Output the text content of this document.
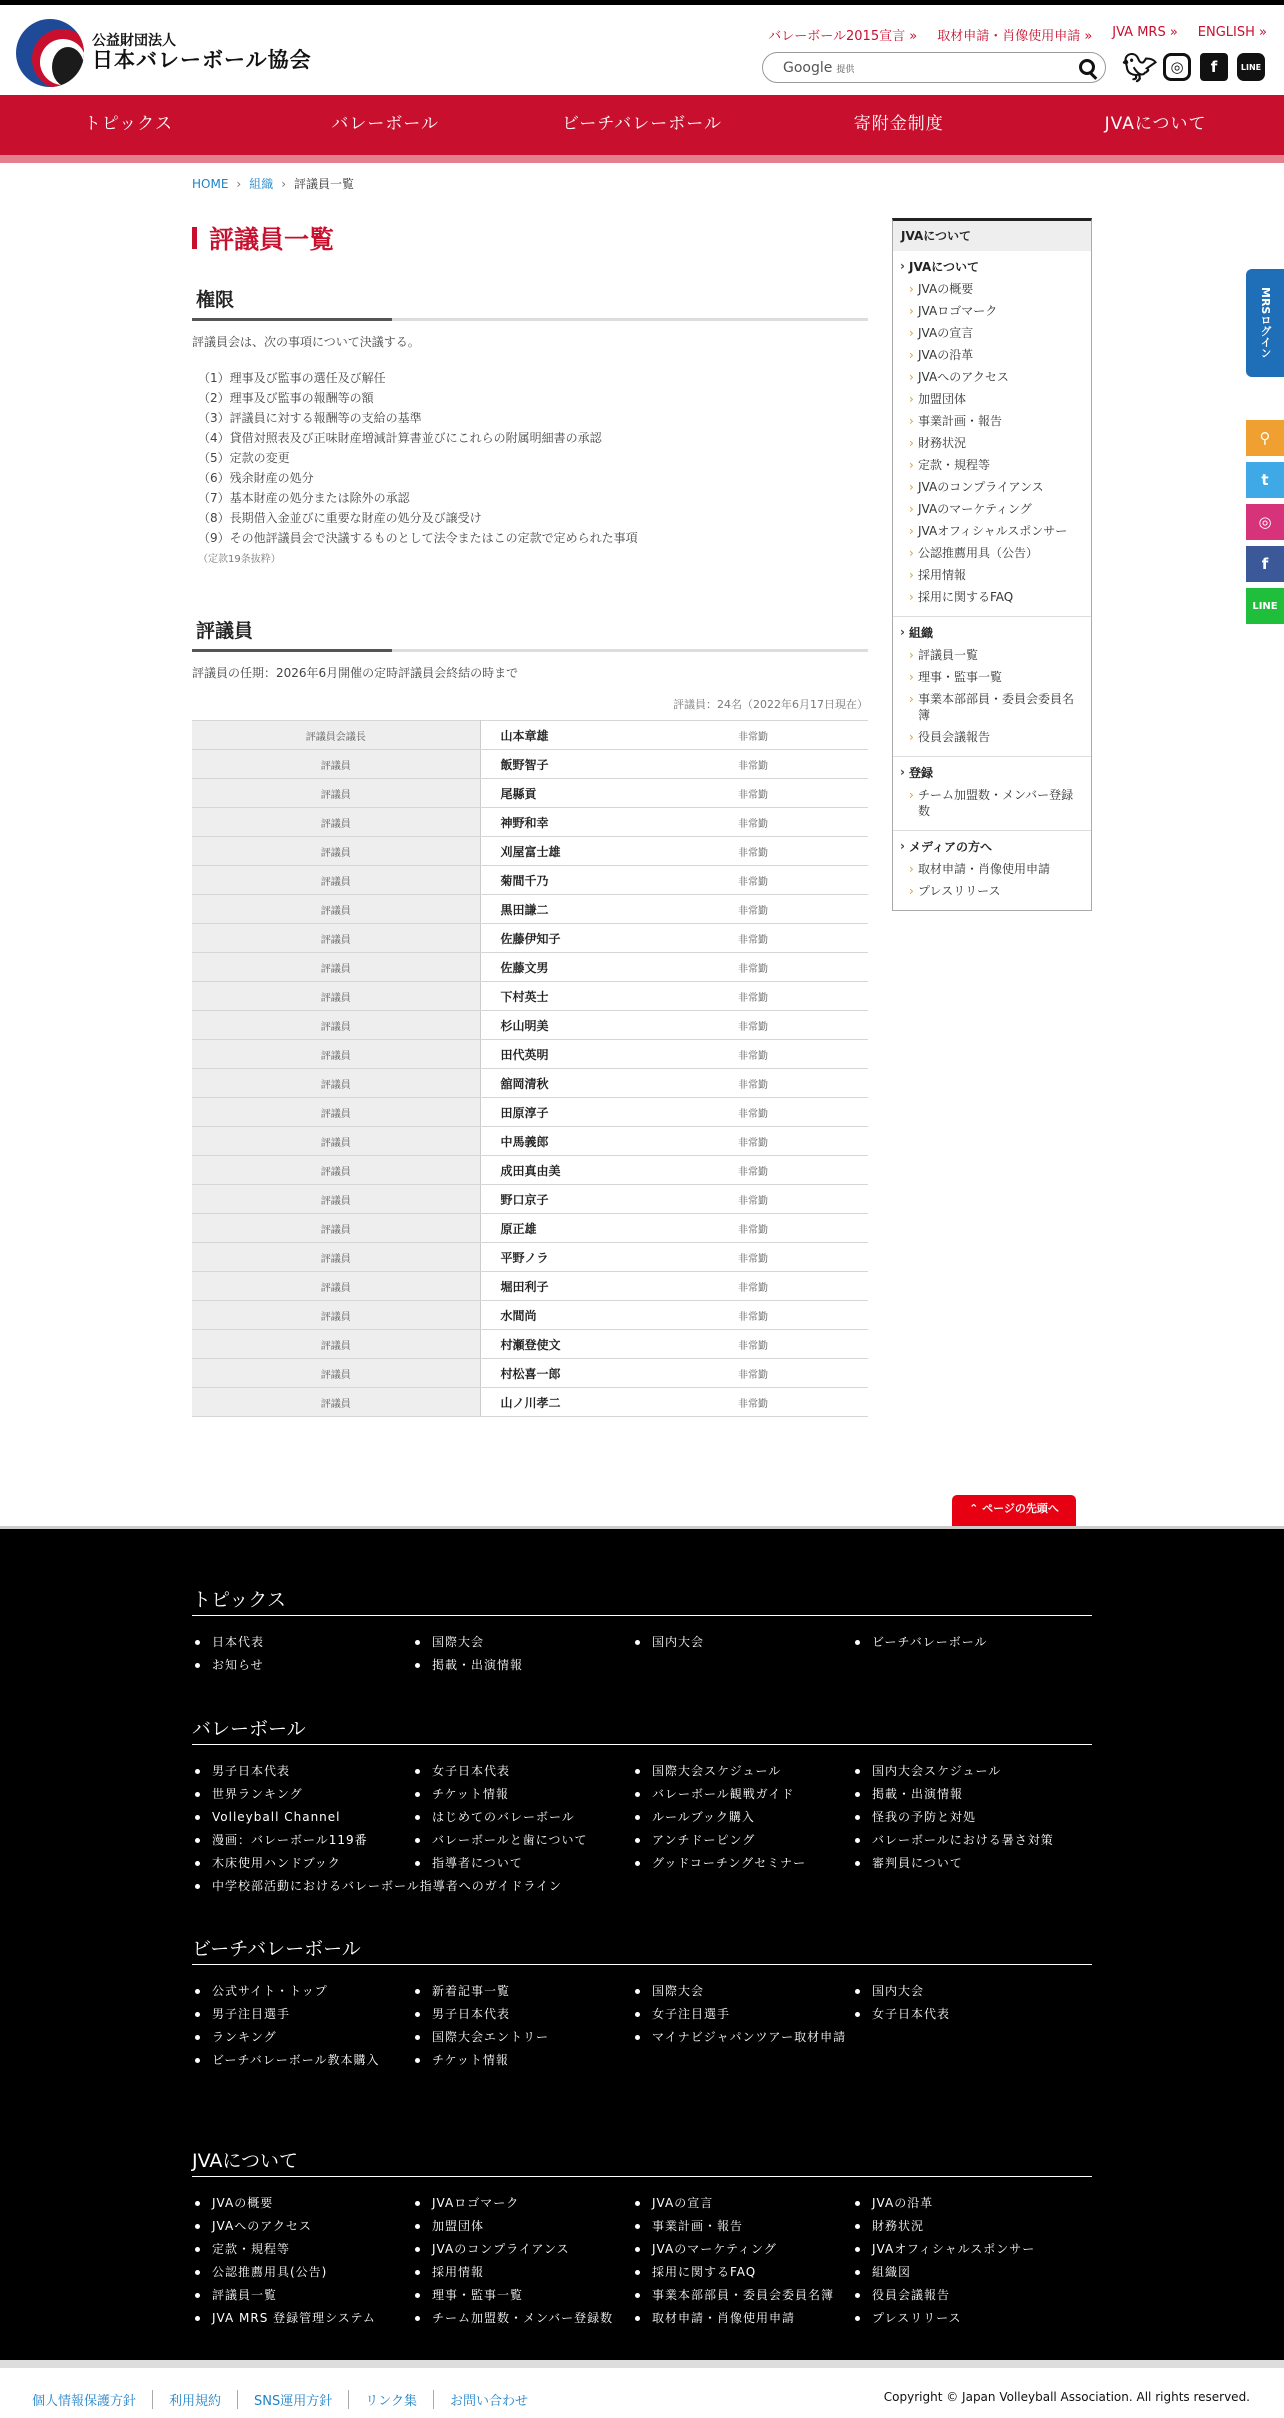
公益財団法人
日本バレーボール協会
バレーボール2015宣言 » 取材申請・肖像使用申請 » JVA MRS » ENGLISH »
Google 提供	🐦︎ ◎	f	LINE
トピックス	バレーボール	ビーチバレーボール	寄附金制度	JVAについて
HOME › 組織 › 評議員一覧
評議員一覧
権限

評議員会は、次の事項について決議する。

（1）理事及び監事の選任及び解任
（2）理事及び監事の報酬等の額
（3）評議員に対する報酬等の支給の基準
（4）貸借対照表及び正味財産増減計算書並びにこれらの附属明細書の承認
（5）定款の変更
（6）残余財産の処分
（7）基本財産の処分または除外の承認
（8）長期借入金並びに重要な財産の処分及び譲受け
（9）その他評議員会で決議するものとして法令またはこの定款で定められた事項

（定款19条抜粋）

評議員

評議員の任期：2026年6月開催の定時評議員会終結の時まで

評議員：24名（2022年6月17日現在）

評議員会議長	山本章雄	非常勤
評議員	飯野智子	非常勤
評議員	尾縣貢	非常勤
評議員	神野和幸	非常勤
評議員	刈屋富士雄	非常勤
評議員	菊間千乃	非常勤
評議員	黒田謙二	非常勤
評議員	佐藤伊知子	非常勤
評議員	佐藤文男	非常勤
評議員	下村英士	非常勤
評議員	杉山明美	非常勤
評議員	田代英明	非常勤
評議員	舘岡清秋	非常勤
評議員	田原淳子	非常勤
評議員	中馬義郎	非常勤
評議員	成田真由美	非常勤
評議員	野口京子	非常勤
評議員	原正雄	非常勤
評議員	平野ノラ	非常勤
評議員	堀田利子	非常勤
評議員	水間尚	非常勤
評議員	村瀬登使文	非常勤
評議員	村松喜一郎	非常勤
評議員	山ノ川孝二	非常勤
JVAについて
› JVAについて
› JVAの概要
› JVAロゴマーク
› JVAの宣言
› JVAの沿革
› JVAへのアクセス
› 加盟団体
› 事業計画・報告
› 財務状況
› 定款・規程等
› JVAのコンプライアンス
› JVAのマーケティング
› JVAオフィシャルスポンサー
› 公認推薦用具（公告）
› 採用情報
› 採用に関するFAQ
› 組織
› 評議員一覧
› 理事・監事一覧
› 事業本部部員・委員会委員名簿
› 役員会議報告
› 登録
› チーム加盟数・メンバー登録数
› メディアの方へ
› 取材申請・肖像使用申請
› プレスリリース
MRSログイン
⚲
t
◎
f
LINE
⌃ ページの先頭へ
トピックス
日本代表	国際大会	国内大会	ビーチバレーボール
お知らせ	掲載・出演情報
バレーボール
男子日本代表	女子日本代表	国際大会スケジュール	国内大会スケジュール
世界ランキング	チケット情報	バレーボール観戦ガイド	掲載・出演情報
Volleyball Channel	はじめてのバレーボール	ルールブック購入	怪我の予防と対処
漫画：バレーボール119番	バレーボールと歯について	アンチドーピング	バレーボールにおける暑さ対策
木床使用ハンドブック	指導者について	グッドコーチングセミナー	審判員について
中学校部活動におけるバレーボール指導者へのガイドライン
ビーチバレーボール
公式サイト・トップ	新着記事一覧	国際大会	国内大会
男子注目選手	男子日本代表	女子注目選手	女子日本代表
ランキング	国際大会エントリー	マイナビジャパンツアー取材申請
ビーチバレーボール教本購入	チケット情報
JVAについて
JVAの概要	JVAロゴマーク	JVAの宣言	JVAの沿革
JVAへのアクセス	加盟団体	事業計画・報告	財務状況
定款・規程等	JVAのコンプライアンス	JVAのマーケティング	JVAオフィシャルスポンサー
公認推薦用具(公告)	採用情報	採用に関するFAQ	組織図
評議員一覧	理事・監事一覧	事業本部部員・委員会委員名簿	役員会議報告
JVA MRS 登録管理システム	チーム加盟数・メンバー登録数	取材申請・肖像使用申請	プレスリリース
個人情報保護方針	利用規約	SNS運用方針	リンク集	お問い合わせ	Copyright © Japan Volleyball Association. All rights reserved.
